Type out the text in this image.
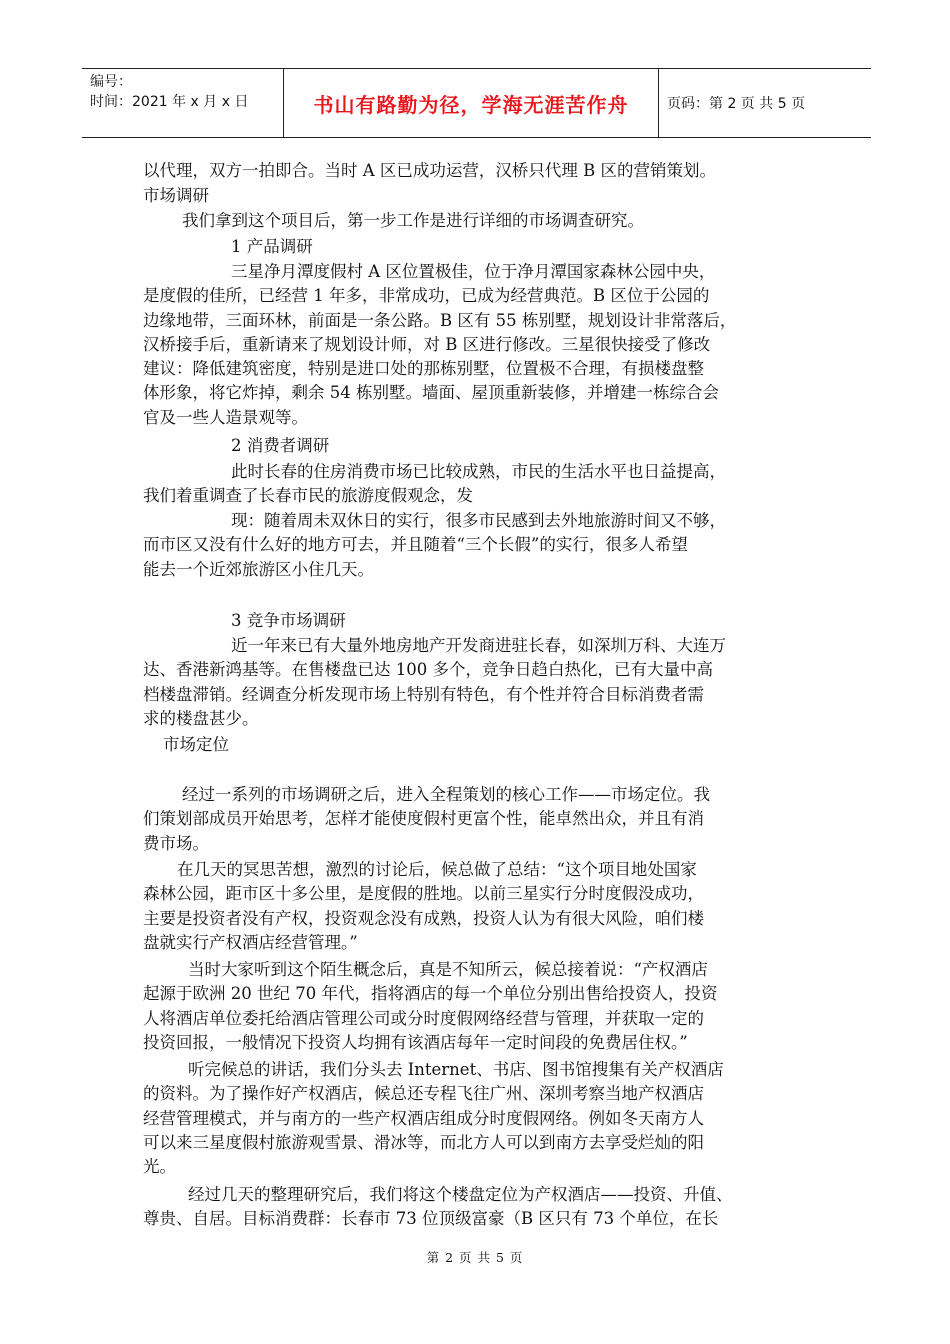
编号：
时间：2021 年 x 月 x 日	书山有路勤为径，学海无涯苦作舟	页码：第 2 页 共 5 页

以代理，双方一拍即合。当时 A 区已成功运营，汉桥只代理 B 区的营销策划。

市场调研

我们拿到这个项目后，第一步工作是进行详细的市场调查研究。

1 产品调研

三星净月潭度假村 A 区位置极佳，位于净月潭国家森林公园中央，
是度假的佳所，已经营 1 年多，非常成功，已成为经营典范。B 区位于公园的
边缘地带，三面环林，前面是一条公路。B 区有 55 栋别墅，规划设计非常落后，
汉桥接手后，重新请来了规划设计师，对 B 区进行修改。三星很快接受了修改
建议：降低建筑密度，特别是进口处的那栋别墅，位置极不合理，有损楼盘整
体形象，将它炸掉，剩余 54 栋别墅。墙面、屋顶重新装修，并增建一栋综合会
官及一些人造景观等。

2 消费者调研

此时长春的住房消费市场已比较成熟，市民的生活水平也日益提高，
我们着重调查了长春市民的旅游度假观念，发

现：随着周未双休日的实行，很多市民感到去外地旅游时间又不够，
而市区又没有什么好的地方可去，并且随着“三个长假”的实行，很多人希望
能去一个近郊旅游区小住几天。

3 竞争市场调研

近一年来已有大量外地房地产开发商进驻长春，如深圳万科、大连万
达、香港新鸿基等。在售楼盘已达 100 多个，竞争日趋白热化，已有大量中高
档楼盘滞销。经调查分析发现市场上特别有特色，有个性并符合目标消费者需
求的楼盘甚少。

市场定位

经过一系列的市场调研之后，进入全程策划的核心工作——市场定位。我
们策划部成员开始思考，怎样才能使度假村更富个性，能卓然出众，并且有消
费市场。

在几天的冥思苦想，激烈的讨论后，候总做了总结：“这个项目地处国家
森林公园，距市区十多公里，是度假的胜地。以前三星实行分时度假没成功，
主要是投资者没有产权，投资观念没有成熟，投资人认为有很大风险，咱们楼
盘就实行产权酒店经营管理。”

当时大家听到这个陌生概念后，真是不知所云，候总接着说：“产权酒店
起源于欧洲 20 世纪 70 年代，指将酒店的每一个单位分别出售给投资人，投资
人将酒店单位委托给酒店管理公司或分时度假网络经营与管理，并获取一定的
投资回报，一般情况下投资人均拥有该酒店每年一定时间段的免费居住权。”

听完候总的讲话，我们分头去 Internet、书店、图书馆搜集有关产权酒店
的资料。为了操作好产权酒店，候总还专程飞往广州、深圳考察当地产权酒店
经营管理模式，并与南方的一些产权酒店组成分时度假网络。例如冬天南方人
可以来三星度假村旅游观雪景、滑冰等，而北方人可以到南方去享受烂灿的阳
光。

经过几天的整理研究后，我们将这个楼盘定位为产权酒店——投资、升值、
尊贵、自居。目标消费群：长春市 73 位顶级富豪（B 区只有 73 个单位，在长

第 2 页 共 5 页
